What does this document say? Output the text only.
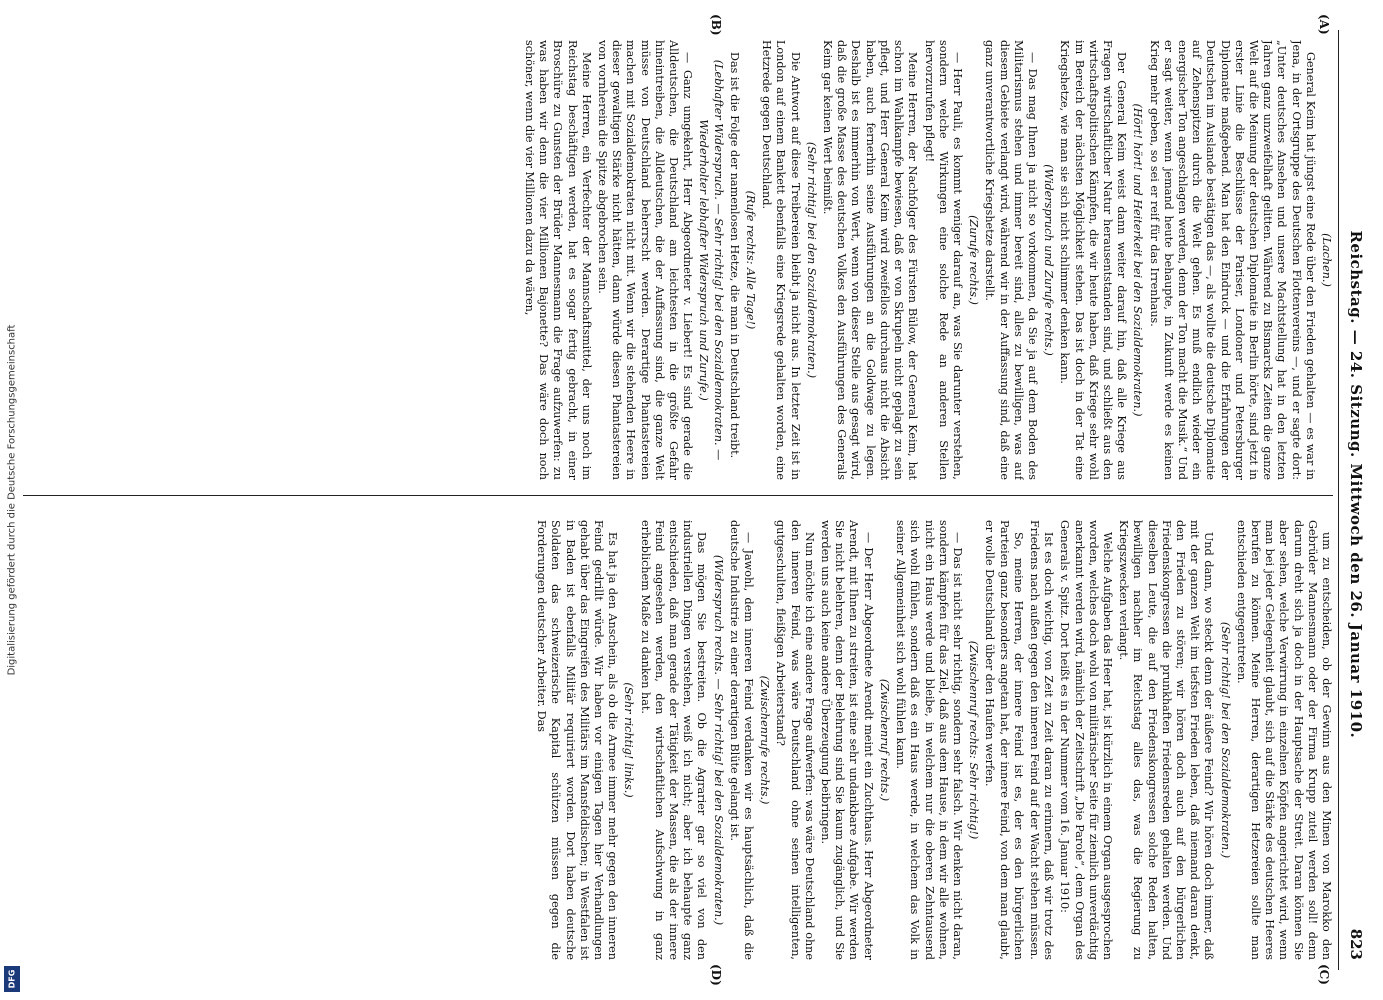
Reichstag. — 24. Sitzung. Mittwoch den 26. Januar 1910.
823

(Lachen.)

General Keim hat jüngst eine Rede über den Frieden gehalten — es war in Jena, in der Ortsgruppe des Deutschen Flottenvereins —, und er sagte dort: „Unter deutsches Ansehen und unsere Machtstellung hat in den letzten Jahren ganz unzweifelhaft gelitten. Während zu Bismarcks Zeiten die ganze Welt auf die Meinung der deutschen Diplomatie in Berlin hörte, sind jetzt in erster Linie die Beschlüsse der Pariser, Londoner und Petersburger Diplomatie maßgebend. Man hat den Eindruck — und die Erfahrungen der Deutschen im Auslande bestätigen das —, als wollte die deutsche Diplomatie auf Zehenspitzen durch die Welt gehen. Es muß endlich wieder ein energischer Ton angeschlagen werden, denn der Ton macht die Musik.“ Und er sagt weiter, wenn jemand heute behaupte, in Zukunft werde es keinen Krieg mehr geben, so sei er reif für das Irrenhaus.

(Hört! hört! und Heiterkeit bei den Sozialdemokraten.)

Der General Keim weist dann weiter darauf hin, daß alle Kriege aus Fragen wirtschaftlicher Natur herausentstanden sind, und schließt aus den wirtschaftspolitischen Kämpfen, die wir heute haben, daß Kriege sehr wohl im Bereich der nächsten Möglichkeit stehen. Das ist doch in der Tat eine Kriegshetze, wie man sie sich nicht schlimmer denken kann.

(Widerspruch und Zurufe rechts.)

— Das mag Ihnen ja nicht so vorkommen, da Sie ja auf dem Boden des Militarismus stehen und immer bereit sind, alles zu bewilligen, was auf diesem Gebiete verlangt wird, während wir in der Auffassung sind, daß eine ganz unverantwortliche Kriegshetze darstellt.

(Zurufe rechts.)

— Herr Pauli, es kommt weniger darauf an, was Sie darunter verstehen, sondern welche Wirkungen eine solche Rede an anderen Stellen hervorzurufen pflegt!

Meine Herren, der Nachfolger des Fürsten Bülow, der General Keim, hat schon im Wahlkampfe bewiesen, daß er von Skrupeln nicht geplagt zu sein pflegt, und Herr General Keim wird zweifellos durchaus nicht die Absicht haben, auch fernerhin seine Ausführungen an die Goldwage zu legen. Deshalb ist es immerhin von Wert, wenn von dieser Stelle aus gesagt wird, daß die große Masse des deutschen Volkes den Ausführungen des Generals Keim gar keinen Wert beimißt.

(Sehr richtig! bei den Sozialdemokraten.)

Die Antwort auf diese Treibereien bleibt ja nicht aus. In letzter Zeit ist in London auf einem Bankett ebenfalls eine Kriegsrede gehalten worden, eine Hetzrede gegen Deutschland.

(Rufe rechts: Alle Tage!)

Das ist die Folge der namenlosen Hetze, die man in Deutschland treibt.

(Lebhafter Widerspruch. — Sehr richtig! bei den Sozialdemokraten. — Wiederholter lebhafter Widerspruch und Zurufe.)

— Ganz umgekehrt, Herr Abgeordneter v. Liebert! Es sind gerade die Alldeutschen, die Deutschland am leichtesten in die größte Gefahr hineintreiben, die Alldeutschen, die der Auffassung sind, die ganze Welt müsse von Deutschland beherrscht werden. Derartige Phantastereien machen mit Sozialdemokraten nicht mit. Wenn wir die stehenden Heere in dieser gewaltigen Stärke nicht hätten, dann würde diesen Phantastereien von vornherein die Spitze abgebrochen sein.

Meine Herren, ein Verfechter der Mannschaftsmittel, der uns noch im Reichstag beschäftigen werden, hat es sogar fertig gebracht, in einer Broschüre zu Gunsten der Brüder Mannesmann die Frage aufzuwerfen: zu was haben wir denn die vier Millionen Bajonette? Das wäre doch noch schöner, wenn die vier Millionen dazu da wären,

um zu entscheiden, ob der Gewinn aus den Minen von Marokko den Gebrüder Mannesmann oder der Firma Krupp zuteil werden soll! denn darum dreht sich ja doch in der Hauptsache der Streit. Daran können Sie aber sehen, welche Verwirrung in einzelnen Köpfen angerichtet wird, wenn man bei jeder Gelegenheit glaubt, sich auf die Stärke des deutschen Heeres berufen zu können. Meine Herren, derartigen Hetzereien sollte man entschieden entgegentreten.

(Sehr richtig! bei den Sozialdemokraten.)

Und dann, wo steckt denn der äußere Feind? Wir hören doch immer, daß mit der ganzen Welt im tiefsten Frieden leben, daß niemand daran denkt, den Frieden zu stören; wir hören doch auch auf den bürgerlichen Friedenskongressen die prunkhaften Friedensreden gehalten werden. Und dieselben Leute, die auf den Friedenskongressen solche Reden halten, bewilligen nachher im Reichstag alles das, was die Regierung zu Kriegszwecken verlangt.

Welche Aufgaben das Heer hat, ist kürzlich in einem Organ ausgesprochen worden, welches doch wohl von militärischer Seite für ziemlich unverdächtig anerkannt werden wird, nämlich der Zeitschrift „Die Parole“, dem Organ des Generals v. Spitz. Dort heißt es in der Nummer vom 16. Januar 1910:

Ist es doch wichtig, von Zeit zu Zeit daran zu erinnern, daß wir trotz des Friedens nach außen gegen den inneren Feind auf der Wacht stehen müssen.

So, meine Herren, der innere Feind ist es, der es den bürgerlichen Parteien ganz besonders angetan hat, der innere Feind, von dem man glaubt, er wolle Deutschland über den Haufen werfen.

(Zwischenruf rechts: Sehr richtig!)

— Das ist nicht sehr richtig, sondern sehr falsch. Wir denken nicht daran, sondern kämpfen für das Ziel, daß aus dem Hause, in dem wir alle wohnen, nicht ein Haus werde und bleibe, in welchem nur die oberen Zehntausend sich wohl fühlen, sondern daß es ein Haus werde, in welchem das Volk in seiner Allgemeinheit sich wohl fühlen kann.

(Zwischenruf rechts.)

— Der Herr Abgeordnete Arendt meint ein Zuchthaus. Herr Abgeordneter Arendt, mit Ihnen zu streiten, ist eine sehr undankbare Aufgabe. Wir werden Sie nicht belehren, denn der Belehrung sind Sie kaum zugänglich, und Sie werden uns auch keine andere Überzeugung beibringen.

Nun möchte ich eine andere Frage aufwerfen: was wäre Deutschland ohne den inneren Feind, was wäre Deutschland ohne seinen intelligenten, gutgeschulten, fleißigen Arbeiterstand?

(Zwischenrufe rechts.)

— Jawohl, dem inneren Feind verdanken wir es hauptsächlich, daß die deutsche Industrie zu einer derartigen Blüte gelangt ist.

(Widerspruch rechts. — Sehr richtig! bei den Sozialdemokraten.)

Das mögen Sie bestreiten. Ob die Agrarier gar so viel von den industriellen Dingen verstehen, weiß ich nicht; aber ich behaupte ganz entschieden, daß man gerade der Tätigkeit der Massen, die als der innere Feind angesehen werden, den wirtschaftlichen Aufschwung in ganz erheblichem Maße zu danken hat.

(Sehr richtig! links.)

Es hat ja den Anschein, als ob die Armee immer mehr gegen den inneren Feind gedrillt würde. Wir haben vor einigen Tagen hier Verhandlungen gehabt über das Eingreifen des Militärs im Mansfeldischen; in Westfalen ist in Baden ist ebenfalls Militär requiriert worden. Dort haben deutsche Soldaten das schweizerische Kapital schützen müssen gegen die Forderungen deutscher Arbeiter. Das

(A)
(B)
(C)
(D)
Digitalisierung gefördert durch die Deutsche Forschungsgemeinschaft
DFG
